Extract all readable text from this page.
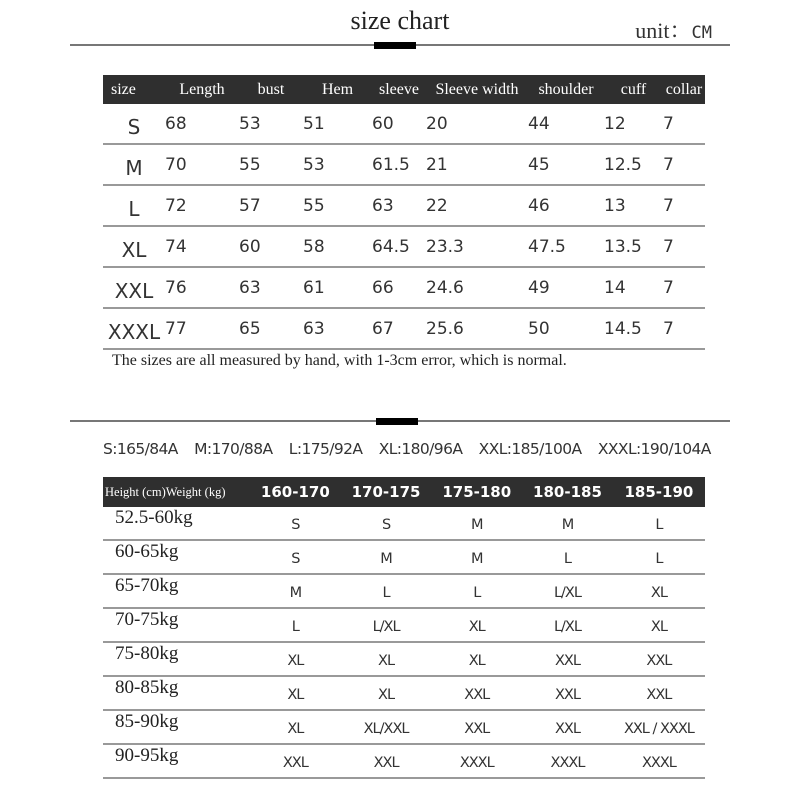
size chart	unit：CM
size	Length	bust	Hem	sleeve	Sleeve width	shoulder	cuff	collar
S	68	53	51	60	20	44	12	7
M	70	55	53	61.5	21	45	12.5	7
L	72	57	55	63	22	46	13	7
XL	74	60	58	64.5	23.3	47.5	13.5	7
XXL	76	63	61	66	24.6	49	14	7
XXXL	77	65	63	67	25.6	50	14.5	7
The sizes are all measured by hand, with 1-3cm error, which is normal.
S:165/84A M:170/88A L:175/92A XL:180/96A XXL:185/100A XXXL:190/104A
Height (cm)Weight (kg)	160-170	170-175	175-180	180-185	185-190
52.5-60kg	S	S	M	M	L
60-65kg	S	M	M	L	L
65-70kg	M	L	L	L/XL	XL
70-75kg	L	L/XL	XL	L/XL	XL
75-80kg	XL	XL	XL	XXL	XXL
80-85kg	XL	XL	XXL	XXL	XXL
85-90kg	XL	XL/XXL	XXL	XXL	XXL / XXXL
90-95kg	XXL	XXL	XXXL	XXXL	XXXL
